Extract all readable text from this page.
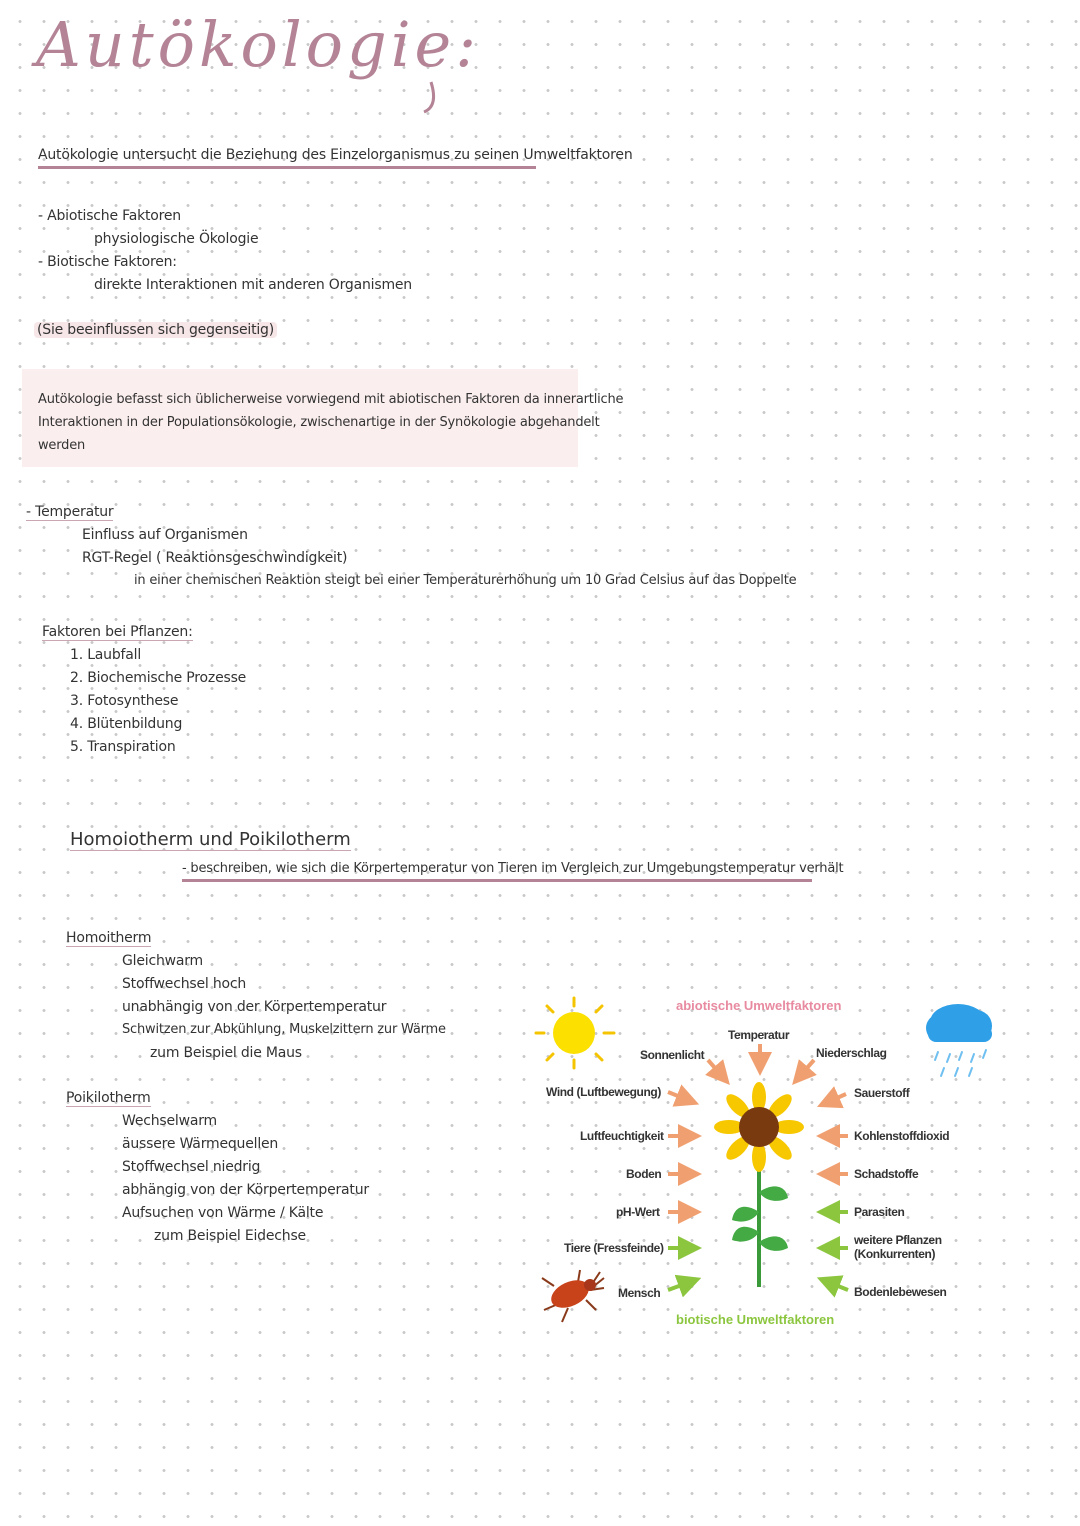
Autökologie:
Autökologie untersucht die Beziehung des Einzelorganismus zu seinen Umweltfaktoren
- Abiotische Faktoren
physiologische Ökologie
- Biotische Faktoren:
direkte Interaktionen mit anderen Organismen
(Sie beeinflussen sich gegenseitig)
Autökologie befasst sich üblicherweise vorwiegend mit abiotischen Faktoren da innerartliche
Interaktionen in der Populationsökologie, zwischenartige in der Synökologie abgehandelt
werden
- Temperatur
Einfluss auf Organismen
RGT-Regel ( Reaktionsgeschwindigkeit)
in einer chemischen Reaktion steigt bei einer Temperaturerhöhung um 10 Grad Celsius auf das Doppelte
Faktoren bei Pflanzen:
1. Laubfall
2. Biochemische Prozesse
3. Fotosynthese
4. Blütenbildung
5. Transpiration
Homoiotherm und Poikilotherm
- beschreiben, wie sich die Körpertemperatur von Tieren im Vergleich zur Umgebungstemperatur verhält
Homoitherm
Gleichwarm
Stoffwechsel hoch
unabhängig von der Körpertemperatur
Schwitzen zur Abkühlung, Muskelzittern zur Wärme
zum Beispiel die Maus
Poikilotherm
Wechselwarm
äussere Wärmequellen
Stoffwechsel niedrig
abhängig von der Körpertemperatur
Aufsuchen von Wärme / Kälte
zum Beispiel Eidechse
abiotische Umweltfaktoren
biotische Umweltfaktoren
Temperatur
Sonnenlicht
Wind (Luftbewegung)
Luftfeuchtigkeit
Boden
pH-Wert
Tiere (Fressfeinde)
Mensch
Niederschlag
Sauerstoff
Kohlenstoffdioxid
Schadstoffe
Parasiten
weitere Pflanzen (Konkurrenten)
Bodenlebewesen
